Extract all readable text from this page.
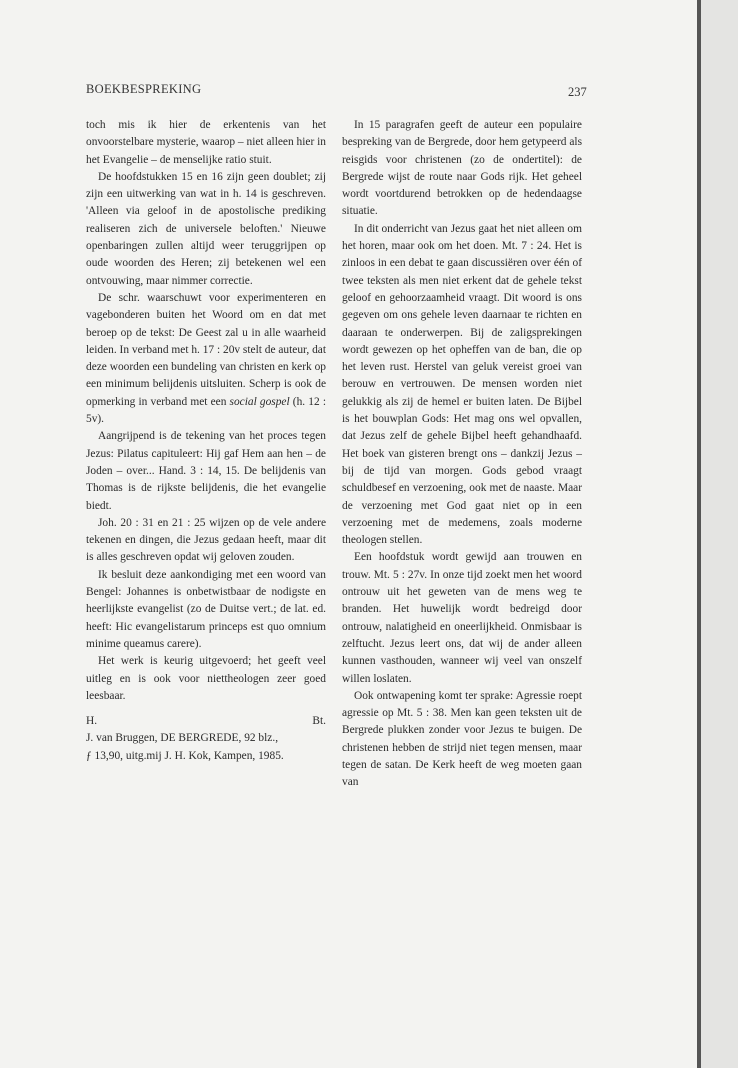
BOEKBESPREKING	237

toch mis ik hier de erkentenis van het onvoorstelbare mysterie, waarop – niet alleen hier in het Evangelie – de menselijke ratio stuit.

De hoofdstukken 15 en 16 zijn geen doublet; zij zijn een uitwerking van wat in h. 14 is geschreven. 'Alleen via geloof in de apostolische prediking realiseren zich de universele beloften.' Nieuwe openbaringen zullen altijd weer teruggrijpen op oude woorden des Heren; zij betekenen wel een ontvouwing, maar nimmer correctie.

De schr. waarschuwt voor experimenteren en vagebonderen buiten het Woord om en dat met beroep op de tekst: De Geest zal u in alle waarheid leiden. In verband met h. 17 : 20v stelt de auteur, dat deze woorden een bundeling van christen en kerk op een minimum belijdenis uitsluiten. Scherp is ook de opmerking in verband met een social gospel (h. 12 : 5v).

Aangrijpend is de tekening van het proces tegen Jezus: Pilatus capituleert: Hij gaf Hem aan hen – de Joden – over... Hand. 3 : 14, 15. De belijdenis van Thomas is de rijkste belijdenis, die het evangelie biedt.

Joh. 20 : 31 en 21 : 25 wijzen op de vele andere tekenen en dingen, die Jezus gedaan heeft, maar dit is alles geschreven opdat wij geloven zouden.

Ik besluit deze aankondiging met een woord van Bengel: Johannes is onbetwistbaar de nodigste en heerlijkste evangelist (zo de Duitse vert.; de lat. ed. heeft: Hic evangelistarum princeps est quo omnium minime queamus carere).

Het werk is keurig uitgevoerd; het geeft veel uitleg en is ook voor niettheologen zeer goed leesbaar.

H.	Bt.

J. van Bruggen, DE BERGREDE, 92 blz., ƒ 13,90, uitg.mij J. H. Kok, Kampen, 1985.

In 15 paragrafen geeft de auteur een populaire bespreking van de Bergrede, door hem getypeerd als reisgids voor christenen (zo de ondertitel): de Bergrede wijst de route naar Gods rijk. Het geheel wordt voortdurend betrokken op de hedendaagse situatie.

In dit onderricht van Jezus gaat het niet alleen om het horen, maar ook om het doen. Mt. 7 : 24. Het is zinloos in een debat te gaan discussiëren over één of twee teksten als men niet erkent dat de gehele tekst geloof en gehoorzaamheid vraagt. Dit woord is ons gegeven om ons gehele leven daarnaar te richten en daaraan te onderwerpen. Bij de zaligsprekingen wordt gewezen op het opheffen van de ban, die op het leven rust. Herstel van geluk vereist groei van berouw en vertrouwen. De mensen worden niet gelukkig als zij de hemel er buiten laten. De Bijbel is het bouwplan Gods: Het mag ons wel opvallen, dat Jezus zelf de gehele Bijbel heeft gehandhaafd. Het boek van gisteren brengt ons – dankzij Jezus – bij de tijd van morgen. Gods gebod vraagt schuldbesef en verzoening, ook met de naaste. Maar de verzoening met God gaat niet op in een verzoening met de medemens, zoals moderne theologen stellen.

Een hoofdstuk wordt gewijd aan trouwen en trouw. Mt. 5 : 27v. In onze tijd zoekt men het woord ontrouw uit het geweten van de mens weg te branden. Het huwelijk wordt bedreigd door ontrouw, nalatigheid en oneerlijkheid. Onmisbaar is zelftucht. Jezus leert ons, dat wij de ander alleen kunnen vasthouden, wanneer wij veel van onszelf willen loslaten.

Ook ontwapening komt ter sprake: Agressie roept agressie op Mt. 5 : 38. Men kan geen teksten uit de Bergrede plukken zonder voor Jezus te buigen. De christenen hebben de strijd niet tegen mensen, maar tegen de satan. De Kerk heeft de weg moeten gaan van
